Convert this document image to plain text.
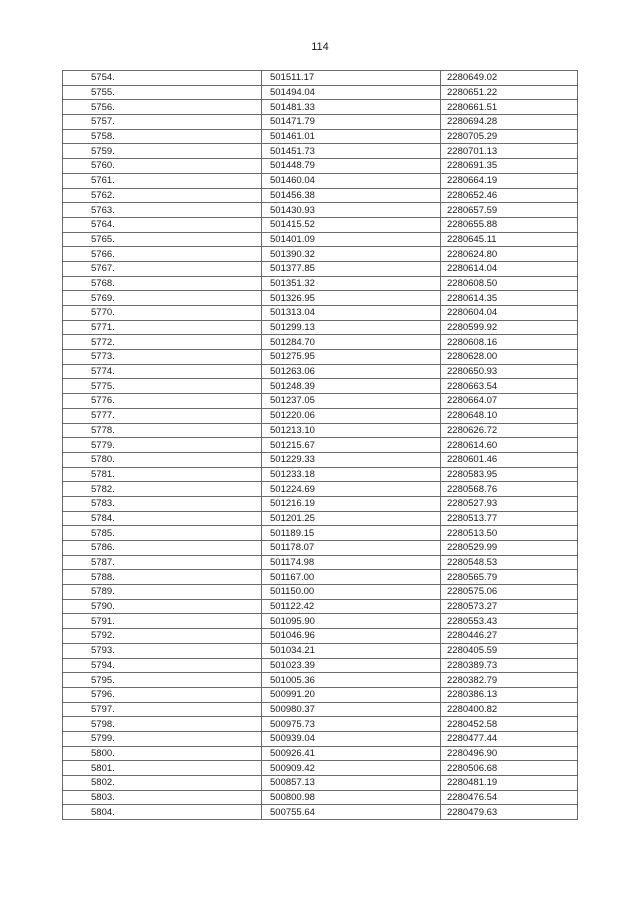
114
5754.	501511.17	2280649.02
5755.	501494.04	2280651.22
5756.	501481.33	2280661.51
5757.	501471.79	2280694.28
5758.	501461.01	2280705.29
5759.	501451.73	2280701.13
5760.	501448.79	2280691.35
5761.	501460.04	2280664.19
5762.	501456.38	2280652.46
5763.	501430.93	2280657.59
5764.	501415.52	2280655.88
5765.	501401.09	2280645.11
5766.	501390.32	2280624.80
5767.	501377.85	2280614.04
5768.	501351.32	2280608.50
5769.	501326.95	2280614.35
5770.	501313.04	2280604.04
5771.	501299.13	2280599.92
5772.	501284.70	2280608.16
5773.	501275.95	2280628.00
5774.	501263.06	2280650.93
5775.	501248.39	2280663.54
5776.	501237.05	2280664.07
5777.	501220.06	2280648.10
5778.	501213.10	2280626.72
5779.	501215.67	2280614.60
5780.	501229.33	2280601.46
5781.	501233.18	2280583.95
5782.	501224.69	2280568.76
5783.	501216.19	2280527.93
5784.	501201.25	2280513.77
5785.	501189.15	2280513.50
5786.	501178.07	2280529.99
5787.	501174.98	2280548.53
5788.	501167.00	2280565.79
5789.	501150.00	2280575.06
5790.	501122.42	2280573.27
5791.	501095.90	2280553.43
5792.	501046.96	2280446.27
5793.	501034.21	2280405.59
5794.	501023.39	2280389.73
5795.	501005.36	2280382.79
5796.	500991.20	2280386.13
5797.	500980.37	2280400.82
5798.	500975.73	2280452.58
5799.	500939.04	2280477.44
5800.	500926.41	2280496.90
5801.	500909.42	2280506.68
5802.	500857.13	2280481.19
5803.	500800.98	2280476.54
5804.	500755.64	2280479.63
